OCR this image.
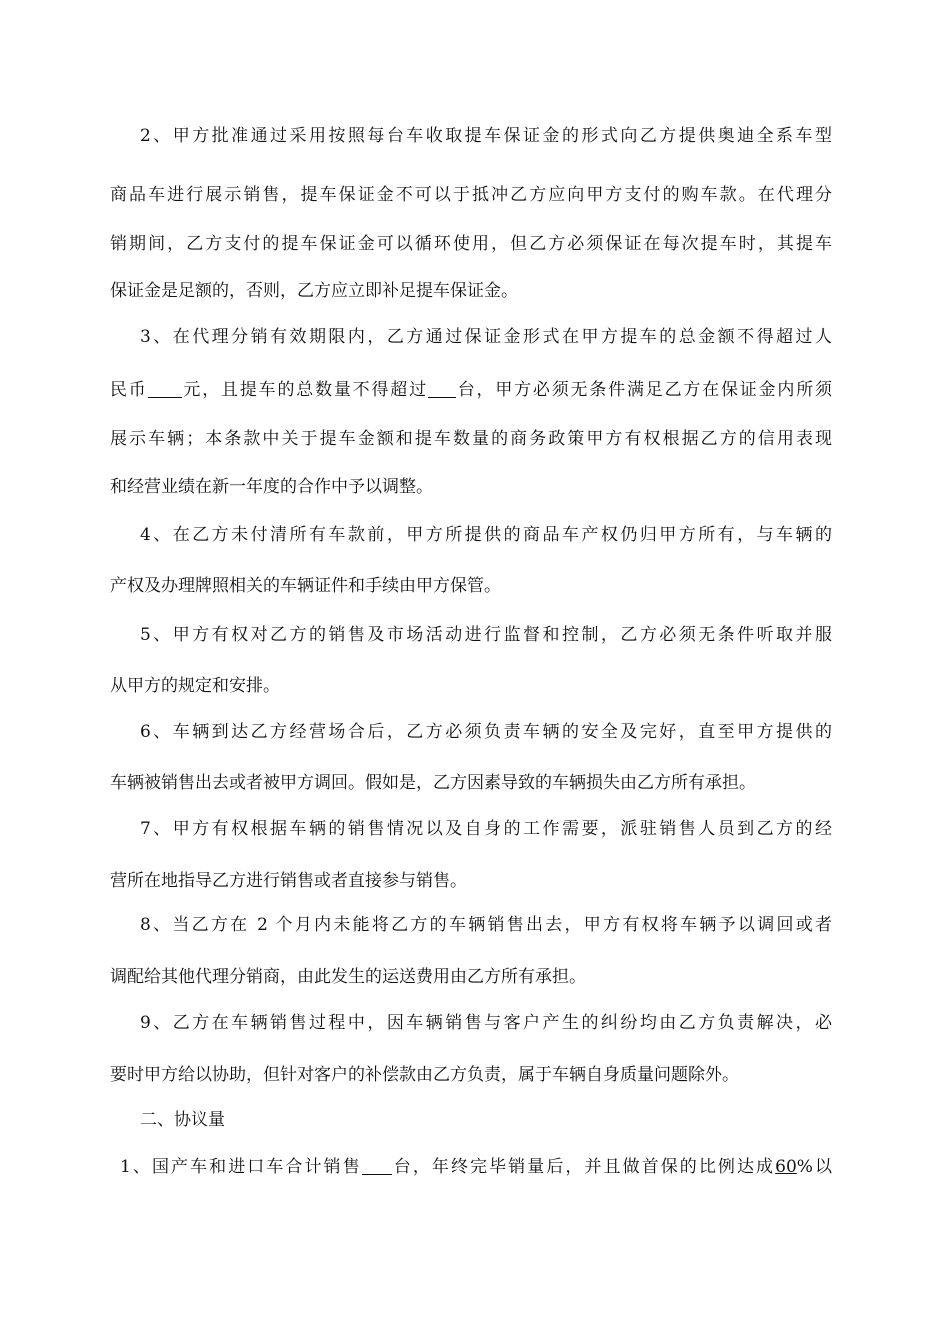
2、甲方批准通过采用按照每台车收取提车保证金的形式向乙方提供奥迪全系车型
商品车进行展示销售，提车保证金不可以于抵冲乙方应向甲方支付的购车款。在代理分
销期间，乙方支付的提车保证金可以循环使用，但乙方必须保证在每次提车时，其提车
保证金是足额的，否则，乙方应立即补足提车保证金。
3、在代理分销有效期限内，乙方通过保证金形式在甲方提车的总金额不得超过人
民币 元，且提车的总数量不得超过 台，甲方必须无条件满足乙方在保证金内所须
展示车辆；本条款中关于提车金额和提车数量的商务政策甲方有权根据乙方的信用表现
和经营业绩在新一年度的合作中予以调整。
4、在乙方未付清所有车款前，甲方所提供的商品车产权仍归甲方所有，与车辆的
产权及办理牌照相关的车辆证件和手续由甲方保管。
5、甲方有权对乙方的销售及市场活动进行监督和控制，乙方必须无条件听取并服
从甲方的规定和安排。
6、车辆到达乙方经营场合后，乙方必须负责车辆的安全及完好，直至甲方提供的
车辆被销售出去或者被甲方调回。假如是，乙方因素导致的车辆损失由乙方所有承担。
7、甲方有权根据车辆的销售情况以及自身的工作需要，派驻销售人员到乙方的经
营所在地指导乙方进行销售或者直接参与销售。
8、当乙方在 2 个月内未能将乙方的车辆销售出去，甲方有权将车辆予以调回或者
调配给其他代理分销商，由此发生的运送费用由乙方所有承担。
9、乙方在车辆销售过程中，因车辆销售与客户产生的纠纷均由乙方负责解决，必
要时甲方给以协助，但针对客户的补偿款由乙方负责，属于车辆自身质量问题除外。
二、协议量
1、国产车和进口车合计销售 台，年终完毕销量后，并且做首保的比例达成60%以
